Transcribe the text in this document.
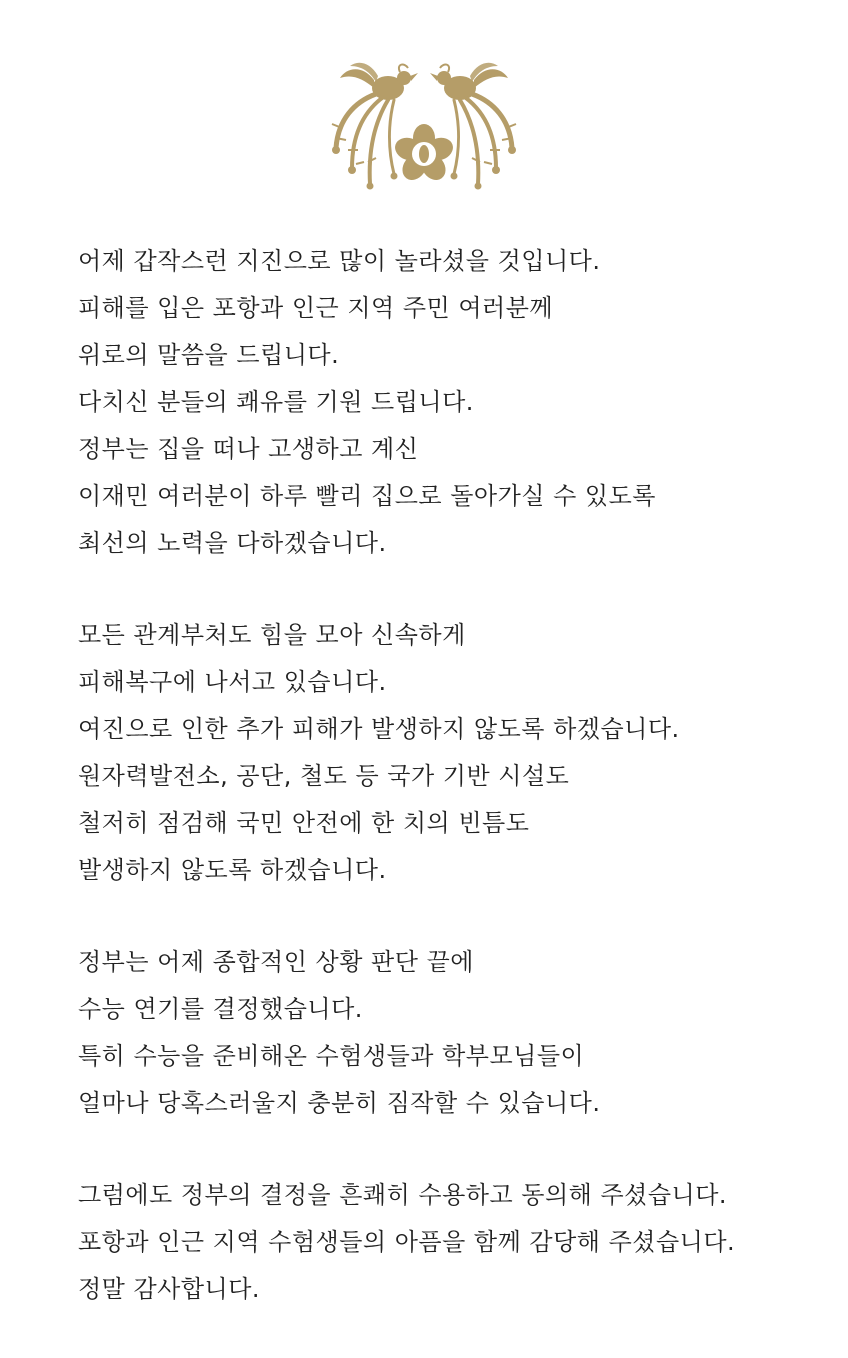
어제 갑작스런 지진으로 많이 놀라셨을 것입니다.
피해를 입은 포항과 인근 지역 주민 여러분께
위로의 말씀을 드립니다.
다치신 분들의 쾌유를 기원 드립니다.
정부는 집을 떠나 고생하고 계신
이재민 여러분이 하루 빨리 집으로 돌아가실 수 있도록
최선의 노력을 다하겠습니다.
모든 관계부처도 힘을 모아 신속하게
피해복구에 나서고 있습니다.
여진으로 인한 추가 피해가 발생하지 않도록 하겠습니다.
원자력발전소, 공단, 철도 등 국가 기반 시설도
철저히 점검해 국민 안전에 한 치의 빈틈도
발생하지 않도록 하겠습니다.
정부는 어제 종합적인 상황 판단 끝에
수능 연기를 결정했습니다.
특히 수능을 준비해온 수험생들과 학부모님들이
얼마나 당혹스러울지 충분히 짐작할 수 있습니다.
그럼에도 정부의 결정을 흔쾌히 수용하고 동의해 주셨습니다.
포항과 인근 지역 수험생들의 아픔을 함께 감당해 주셨습니다.
정말 감사합니다.
